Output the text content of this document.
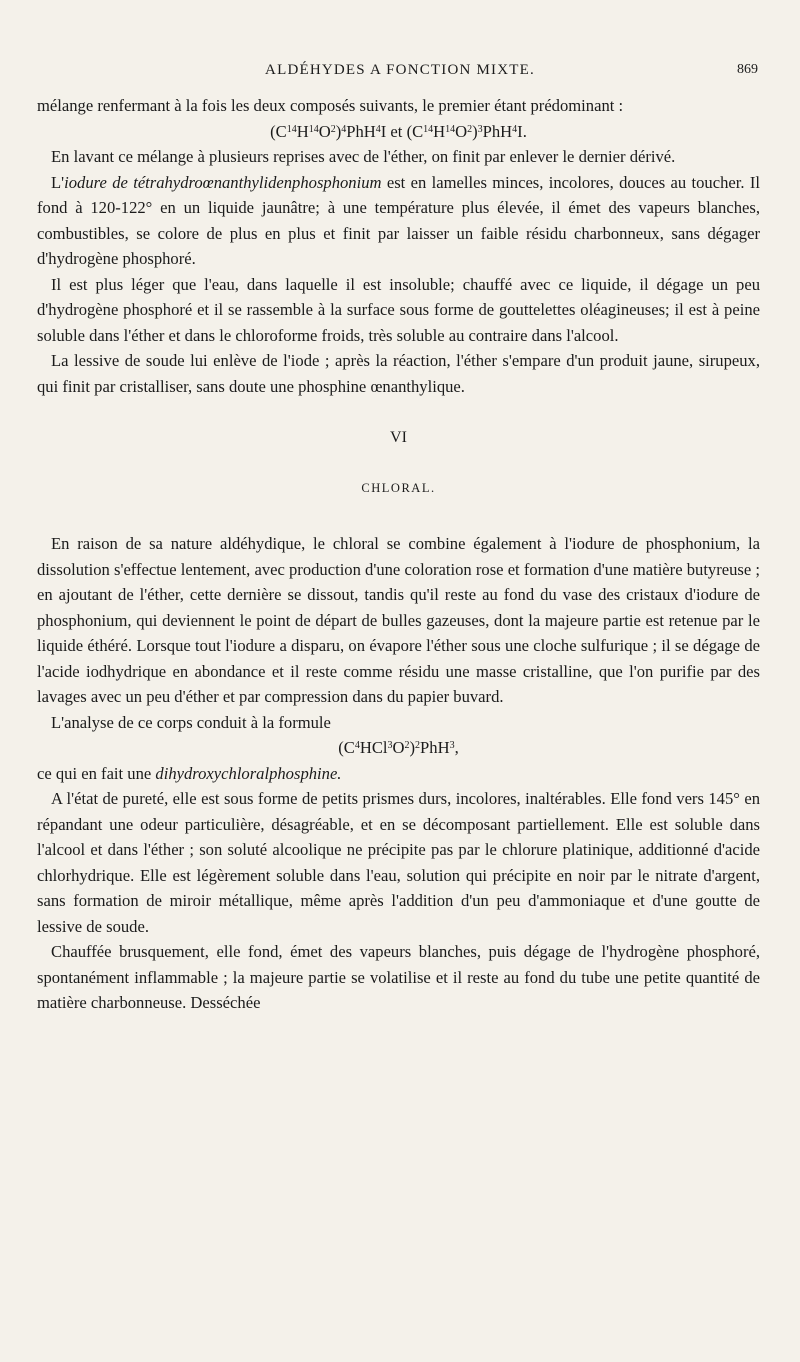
ALDÉHYDES A FONCTION MIXTE.	869

mélange renfermant à la fois les deux composés suivants, le premier étant prédominant :

$(C^{14}H^{14}O^2)^4PhH^4I$ et $(C^{14}H^{14}O^2)^3PhH^4I$.

En lavant ce mélange à plusieurs reprises avec de l'éther, on finit par enlever le dernier dérivé.

L'iodure de tétrahydroœnanthylidenphosphonium est en lamelles minces, incolores, douces au toucher. Il fond à 120-122° en un liquide jaunâtre; à une température plus élevée, il émet des vapeurs blanches, combustibles, se colore de plus en plus et finit par laisser un faible résidu charbonneux, sans dégager d'hydrogène phosphoré.

Il est plus léger que l'eau, dans laquelle il est insoluble; chauffé avec ce liquide, il dégage un peu d'hydrogène phosphoré et il se rassemble à la surface sous forme de gouttelettes oléagineuses; il est à peine soluble dans l'éther et dans le chloroforme froids, très soluble au contraire dans l'alcool.

La lessive de soude lui enlève de l'iode ; après la réaction, l'éther s'empare d'un produit jaune, sirupeux, qui finit par cristalliser, sans doute une phosphine œnanthylique.

VI
CHLORAL.

En raison de sa nature aldéhydique, le chloral se combine également à l'iodure de phosphonium, la dissolution s'effectue lentement, avec production d'une coloration rose et formation d'une matière butyreuse ; en ajoutant de l'éther, cette dernière se dissout, tandis qu'il reste au fond du vase des cristaux d'iodure de phosphonium, qui deviennent le point de départ de bulles gazeuses, dont la majeure partie est retenue par le liquide éthéré. Lorsque tout l'iodure a disparu, on évapore l'éther sous une cloche sulfurique ; il se dégage de l'acide iodhydrique en abondance et il reste comme résidu une masse cristalline, que l'on purifie par des lavages avec un peu d'éther et par compression dans du papier buvard.

L'analyse de ce corps conduit à la formule

$(C^4HCl^3O^2)^2PhH^3$,

ce qui en fait une dihydroxychloralphosphine.

A l'état de pureté, elle est sous forme de petits prismes durs, incolores, inaltérables. Elle fond vers 145° en répandant une odeur particulière, désagréable, et en se décomposant partiellement. Elle est soluble dans l'alcool et dans l'éther ; son soluté alcoolique ne précipite pas par le chlorure platinique, additionné d'acide chlorhydrique. Elle est légèrement soluble dans l'eau, solution qui précipite en noir par le nitrate d'argent, sans formation de miroir métallique, même après l'addition d'un peu d'ammoniaque et d'une goutte de lessive de soude.

Chauffée brusquement, elle fond, émet des vapeurs blanches, puis dégage de l'hydrogène phosphoré, spontanément inflammable ; la majeure partie se volatilise et il reste au fond du tube une petite quantité de matière charbonneuse. Desséchée
